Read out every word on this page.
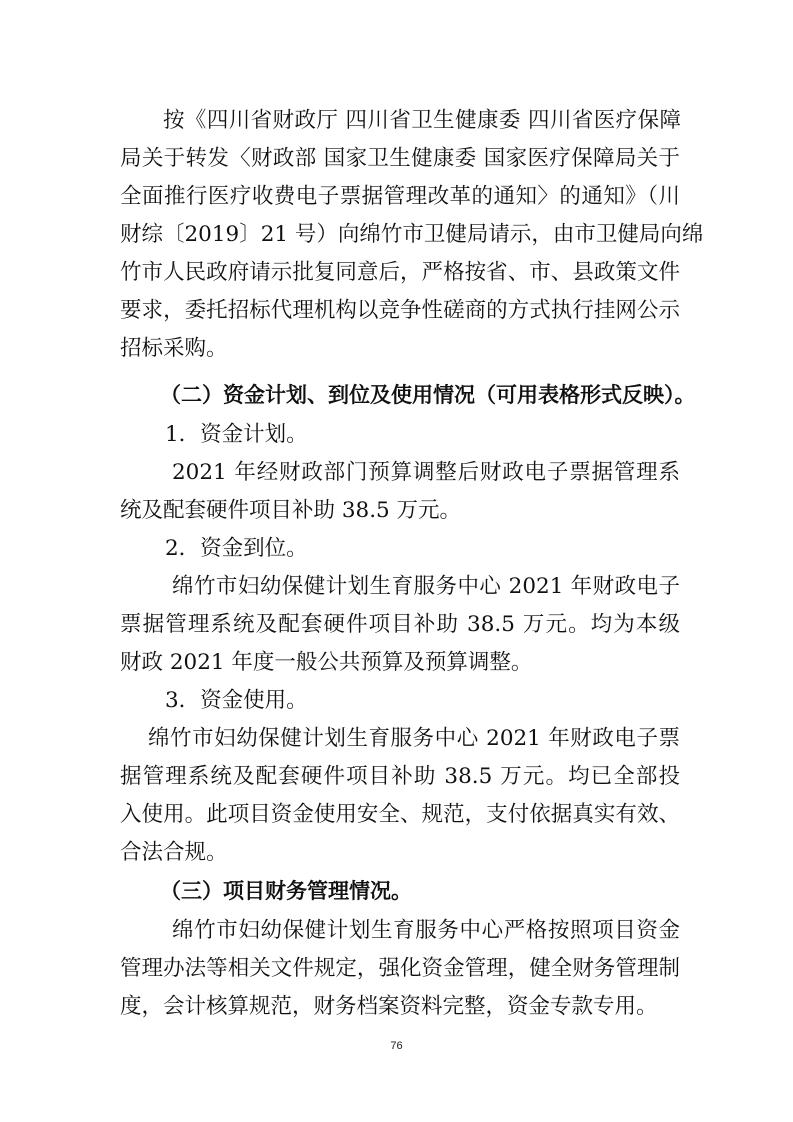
按《四川省财政厅 四川省卫生健康委 四川省医疗保障
局关于转发〈财政部 国家卫生健康委 国家医疗保障局关于
全面推行医疗收费电子票据管理改革的通知〉的通知》（川
财综〔2019〕21 号）向绵竹市卫健局请示，由市卫健局向绵
竹市人民政府请示批复同意后，严格按省、市、县政策文件
要求，委托招标代理机构以竞争性磋商的方式执行挂网公示
招标采购。
（二）资金计划、到位及使用情况（可用表格形式反映）。
1．资金计划。
2021 年经财政部门预算调整后财政电子票据管理系
统及配套硬件项目补助 38.5 万元。
2．资金到位。
绵竹市妇幼保健计划生育服务中心 2021 年财政电子
票据管理系统及配套硬件项目补助 38.5 万元。均为本级
财政 2021 年度一般公共预算及预算调整。
3．资金使用。
绵竹市妇幼保健计划生育服务中心 2021 年财政电子票
据管理系统及配套硬件项目补助 38.5 万元。均已全部投
入使用。此项目资金使用安全、规范，支付依据真实有效、
合法合规。
（三）项目财务管理情况。
绵竹市妇幼保健计划生育服务中心严格按照项目资金
管理办法等相关文件规定，强化资金管理，健全财务管理制
度，会计核算规范，财务档案资料完整，资金专款专用。
76
